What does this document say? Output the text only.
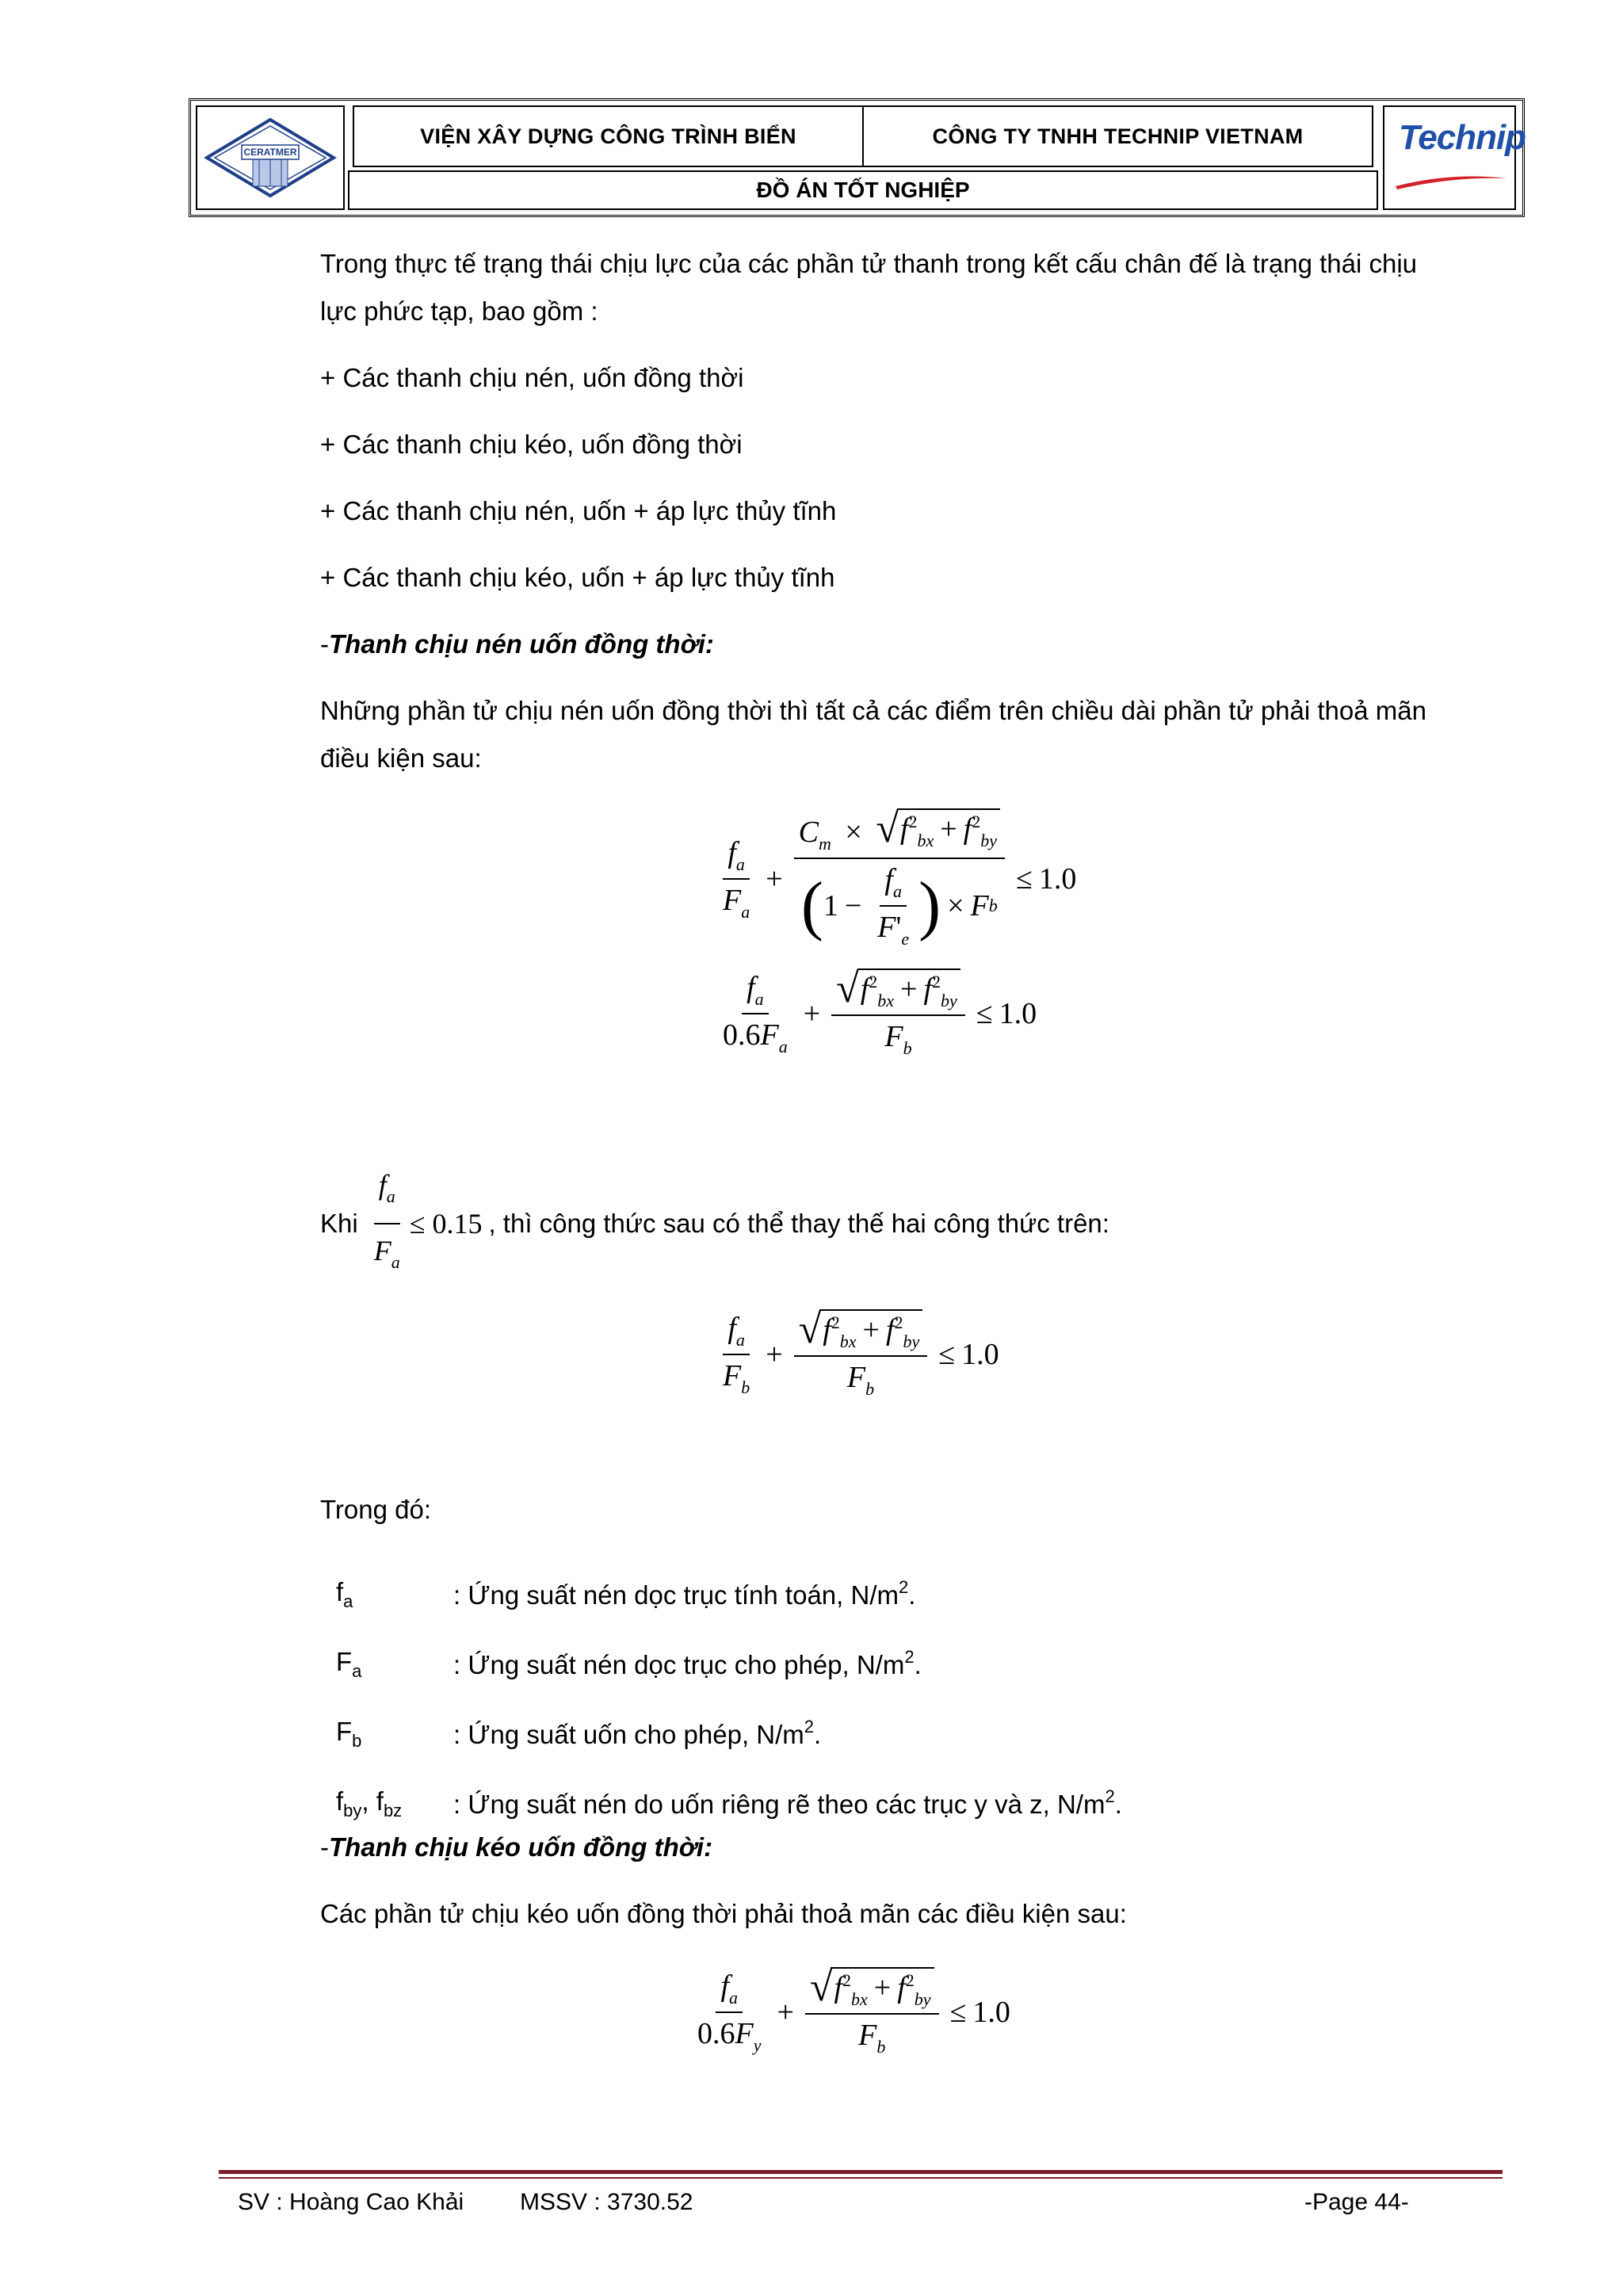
CERATMER
VIỆN XÂY DỰNG CÔNG TRÌNH BIỂN	CÔNG TY TNHH TECHNIP VIETNAM
ĐỒ ÁN TỐT NGHIỆP
Technip
Trong thực tế trạng thái chịu lực của các phần tử thanh trong kết cấu chân đế là trạng thái chịu
lực phức tạp, bao gồm :
+ Các thanh chịu nén, uốn đồng thời
+ Các thanh chịu kéo, uốn đồng thời
+ Các thanh chịu nén, uốn + áp lực thủy tĩnh
+ Các thanh chịu kéo, uốn + áp lực thủy tĩnh
-Thanh chịu nén uốn đồng thời:
Những phần tử chịu nén uốn đồng thời thì tất cả các điểm trên chiều dài phần tử phải thoả mãn
điều kiện sau:
$\frac{f_a}{F_a}$ +
$C_m$ × √ $f^2_{bx} + f^2_{by}$
( $1 - \frac{f_a}{F'_e}$ ) × F b
≤ 1.0
$\frac{f_a}{0.6F_a} + \frac{√ f^2_{bx} + f^2_{by}}{F_b} \le 1.0$
Khi $\frac{f_a}{F_a} \le 0.15$ , thì công thức sau có thể thay thế hai công thức trên:
$\frac{f_a}{F_b} + \frac{√ f^2_{bx} + f^2_{by}}{F_b} \le 1.0$
Trong đó:
$f_a$	: Ứng suất nén dọc trục tính toán, $N/m^2$.
$F_a$	: Ứng suất nén dọc trục cho phép, $N/m^2$.
$F_b$	: Ứng suất uốn cho phép, $N/m^2$.
$f_{by}$, $f_{bz}$ : Ứng suất nén do uốn riêng rẽ theo các trục y và z, $N/m^2$.
-Thanh chịu kéo uốn đồng thời:
Các phần tử chịu kéo uốn đồng thời phải thoả mãn các điều kiện sau:
$\frac{f_a}{0.6F_y} + \frac{√ f^2_{bx} + f^2_{by}}{F_b} \le 1.0$
SV : Hoàng Cao Khải MSSV : 3730.52	-Page 44-
